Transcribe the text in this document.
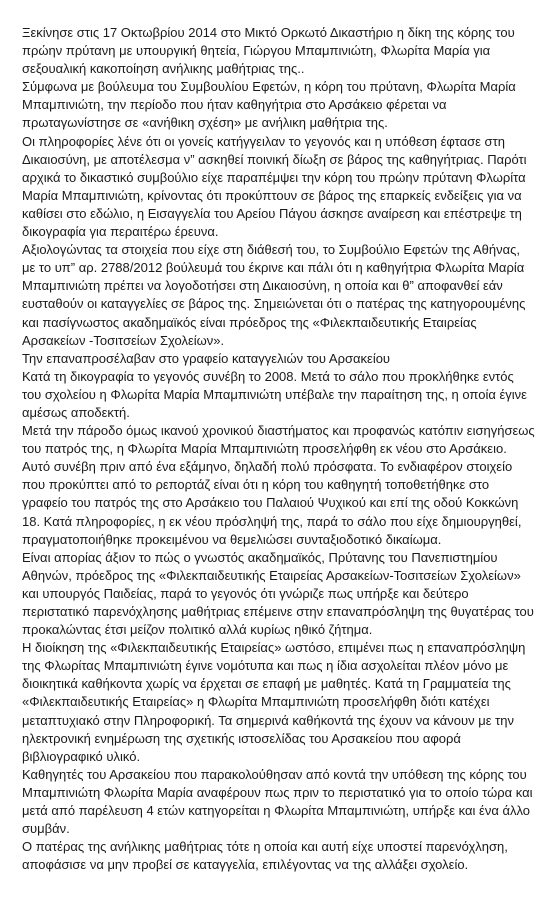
Ξεκίνησε στις 17 Οκτωβρίου 2014 στο Μικτό Ορκωτό Δικαστήριο η δίκη της κόρης του πρώην πρύτανη με υπουργική θητεία, Γιώργου Μπαμπινιώτη, Φλωρίτα Μαρία για σεξουαλική κακοποίηση ανήλικης μαθήτριας της..

Σύμφωνα με βούλευμα του Συμβουλίου Εφετών, η κόρη του πρύτανη, Φλωρίτα Μαρία Μπαμπινιώτη, την περίοδο που ήταν καθηγήτρια στο Αρσάκειο φέρεται να πρωταγωνίστησε σε «ανήθικη σχέση» με ανήλικη μαθήτρια της.

Οι πληροφορίες λένε ότι οι γονείς κατήγγειλαν το γεγονός και η υπόθεση έφτασε στη Δικαιοσύνη, με αποτέλεσμα ν” ασκηθεί ποινική δίωξη σε βάρος της καθηγήτριας. Παρότι αρχικά το δικαστικό συμβούλιο είχε παραπέμψει την κόρη του πρώην πρύτανη Φλωρίτα Μαρία Μπαμπινιώτη, κρίνοντας ότι προκύπτουν σε βάρος της επαρκείς ενδείξεις για να καθίσει στο εδώλιο, η Εισαγγελία του Αρείου Πάγου άσκησε αναίρεση και επέστρεψε τη δικογραφία για περαιτέρω έρευνα.

Αξιολογώντας τα στοιχεία που είχε στη διάθεσή του, το Συμβούλιο Εφετών της Αθήνας, με το υπ” αρ. 2788/2012 βούλευμά του έκρινε και πάλι ότι η καθηγήτρια Φλωρίτα Μαρία Μπαμπινιώτη πρέπει να λογοδοτήσει στη Δικαιοσύνη, η οποία και θ” αποφανθεί εάν ευσταθούν οι καταγγελίες σε βάρος της. Σημειώνεται ότι ο πατέρας της κατηγορουμένης και πασίγνωστος ακαδημαϊκός είναι πρόεδρος της «Φιλεκπαιδευτικής Εταιρείας Αρσακείων -Τοσιτσείων Σχολείων».

Την επαναπροσέλαβαν στο γραφείο καταγγελιών του Αρσακείου

Κατά τη δικογραφία το γεγονός συνέβη το 2008. Μετά το σάλο που προκλήθηκε εντός του σχολείου η Φλωρίτα Μαρία Μπαμπινιώτη υπέβαλε την παραίτηση της, η οποία έγινε αμέσως αποδεκτή.

Μετά την πάροδο όμως ικανού χρονικού διαστήματος και προφανώς κατόπιν εισηγήσεως του πατρός της, η Φλωρίτα Μαρία Μπαμπινιώτη προσελήφθη εκ νέου στο Αρσάκειο. Αυτό συνέβη πριν από ένα εξάμηνο, δηλαδή πολύ πρόσφατα. Το ενδιαφέρον στοιχείο που προκύπτει από το ρεπορτάζ είναι ότι η κόρη του καθηγητή τοποθετήθηκε στο γραφείο του πατρός της στο Αρσάκειο του Παλαιού Ψυχικού και επί της οδού Κοκκώνη 18. Κατά πληροφορίες, η εκ νέου πρόσληψή της, παρά το σάλο που είχε δημιουργηθεί, πραγματοποιήθηκε προκειμένου να θεμελιώσει συνταξιοδοτικό δικαίωμα.

Είναι απορίας άξιον το πώς ο γνωστός ακαδημαϊκός, Πρύτανης του Πανεπιστημίου Αθηνών, πρόεδρος της «Φιλεκπαιδευτικής Εταιρείας Αρσακείων-Τοσιτσείων Σχολείων» και υπουργός Παιδείας, παρά το γεγονός ότι γνώριζε πως υπήρξε και δεύτερο περιστατικό παρενόχλησης μαθήτριας επέμεινε στην επαναπρόσληψη της θυγατέρας του προκαλώντας έτσι μείζον πολιτικό αλλά κυρίως ηθικό ζήτημα.

Η διοίκηση της «Φιλεκπαιδευτικής Εταιρείας» ωστόσο, επιμένει πως η επαναπρόσληψη της Φλωρίτας Μπαμπινιώτη έγινε νομότυπα και πως η ίδια ασχολείται πλέον μόνο με διοικητικά καθήκοντα χωρίς να έρχεται σε επαφή με μαθητές. Κατά τη Γραμματεία της «Φιλεκπαιδευτικής Εταιρείας» η Φλωρίτα Μπαμπινιώτη προσελήφθη διότι κατέχει μεταπτυχιακό στην Πληροφορική. Τα σημερινά καθήκοντά της έχουν να κάνουν με την ηλεκτρονική ενημέρωση της σχετικής ιστοσελίδας του Αρσακείου που αφορά βιβλιογραφικό υλικό.

Καθηγητές του Αρσακείου που παρακολούθησαν από κοντά την υπόθεση της κόρης του Μπαμπινιώτη Φλωρίτα Μαρία αναφέρουν πως πριν το περιστατικό για το οποίο τώρα και μετά από παρέλευση 4 ετών κατηγορείται η Φλωρίτα Μπαμπινιώτη, υπήρξε και ένα άλλο συμβάν.

Ο πατέρας της ανήλικης μαθήτριας τότε η οποία και αυτή είχε υποστεί παρενόχληση, αποφάσισε να μην προβεί σε καταγγελία, επιλέγοντας να της αλλάξει σχολείο.
